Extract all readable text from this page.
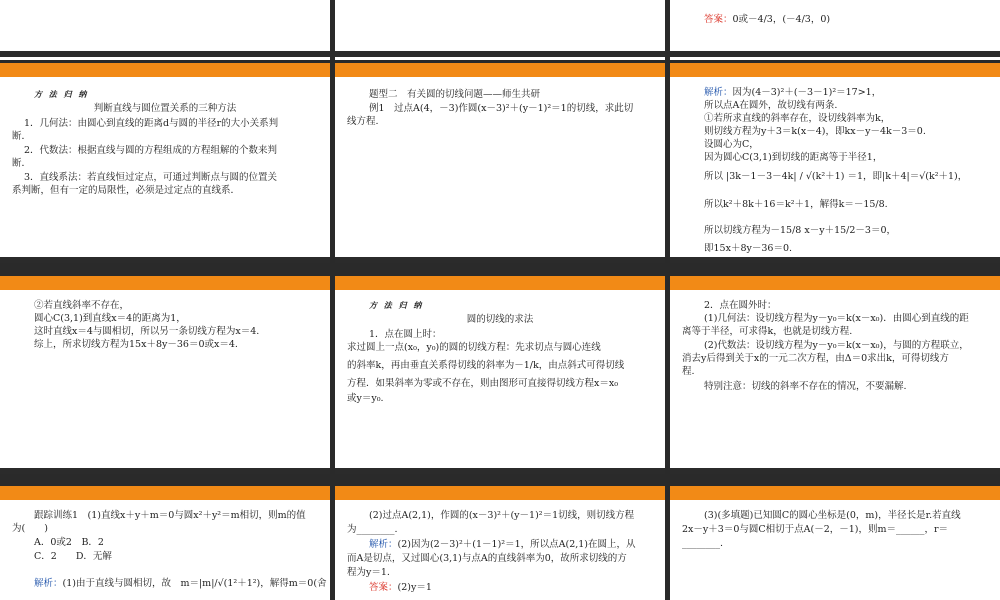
方 法 归 纳
判断直线与圆位置关系的三种方法
1．几何法：由圆心到直线的距离d与圆的半径r的大小关系判
断．
2．代数法：根据直线与圆的方程组成的方程组解的个数来判
断．
3．直线系法：若直线恒过定点，可通过判断点与圆的位置关
系判断，但有一定的局限性，必须是过定点的直线系．
②若直线斜率不存在，
圆心C(3,1)到直线x＝4的距离为1，
这时直线x＝4与圆相切，所以另一条切线方程为x＝4.
综上，所求切线方程为15x＋8y－36＝0或x＝4.
跟踪训练1　(1)直线x＋y＋m＝0与圆x²＋y²＝m相切，则m的值
为(　　)
A．0或2　B．2
C．2　　D．无解
解析：(1)由于直线与圆相切，故　m＝|m|/√(1²＋1²)，解得m＝0(舍
题型二　有关圆的切线问题——师生共研
例1　过点A(4，－3)作圆(x－3)²＋(y－1)²＝1的切线，求此切
线方程.
方 法 归 纳
圆的切线的求法
1．点在圆上时：
求过圆上一点(x₀，y₀)的圆的切线方程：先求切点与圆心连线
的斜率k，再由垂直关系得切线的斜率为－1/k，由点斜式可得切线
方程．如果斜率为零或不存在，则由图形可直接得切线方程x＝x₀
或y＝y₀.
(2)过点A(2,1)，作圆的(x－3)²＋(y－1)²＝1切线，则切线方程
为________.
解析：(2)因为(2－3)²＋(1－1)²＝1，所以点A(2,1)在圆上，从
而A是切点，又过圆心(3,1)与点A的直线斜率为0，故所求切线的方
程为y＝1.
答案：(2)y＝1
答案：0或－4/3，(－4/3，0)
解析：因为(4－3)²＋(－3－1)²＝17>1，
所以点A在圆外，故切线有两条.
①若所求直线的斜率存在，设切线斜率为k，
则切线方程为y＋3＝k(x－4)，即kx－y－4k－3＝0.
设圆心为C，
因为圆心C(3,1)到切线的距离等于半径1，
所以 |3k－1－3－4k| / √(k²＋1) ＝1，即|k＋4|＝√(k²＋1)，
所以k²＋8k＋16＝k²＋1，解得k＝－15/8.
所以切线方程为－15/8 x－y＋15/2－3＝0，
即15x＋8y－36＝0.
2．点在圆外时：
(1)几何法：设切线方程为y－y₀＝k(x－x₀)．由圆心到直线的距
离等于半径，可求得k，也就是切线方程.
(2)代数法：设切线方程为y－y₀＝k(x－x₀)，与圆的方程联立，
消去y后得到关于x的一元二次方程，由Δ＝0求出k，可得切线方
程.
特别注意：切线的斜率不存在的情况，不要漏解.
(3)(多填题)已知圆C的圆心坐标是(0，m)，半径长是r.若直线
2x－y＋3＝0与圆C相切于点A(－2，－1)，则m＝______，r＝
________.
